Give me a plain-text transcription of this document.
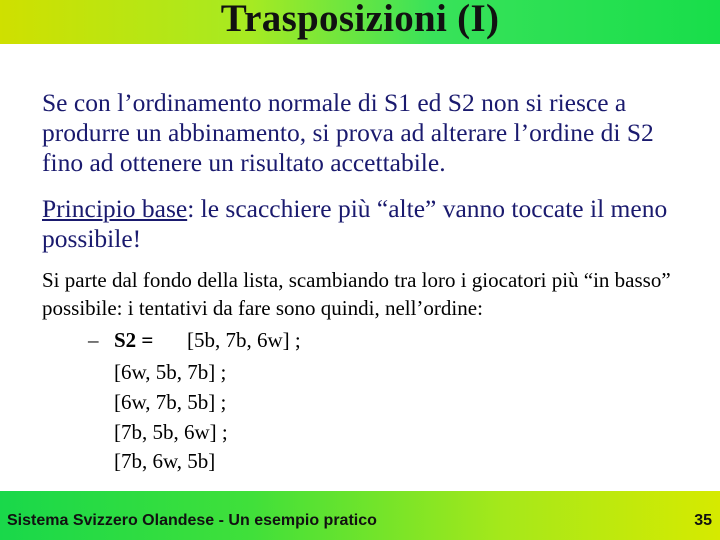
Trasposizioni (I)
Se con l’ordinamento normale di S1 ed S2 non si riesce a produrre un abbinamento, si prova ad alterare l’ordine di S2 fino ad ottenere un risultato accettabile.
Principio base: le scacchiere più “alte” vanno toccate il meno possibile!
Si parte dal fondo della lista, scambiando tra loro i giocatori più “in basso” possibile: i tentativi da fare sono quindi, nell’ordine:
– S2 = [5b, 7b, 6w] ;
[6w, 5b, 7b] ;
[6w, 7b, 5b] ;
[7b, 5b, 6w] ;
[7b, 6w, 5b]
Sistema Svizzero Olandese - Un esempio pratico	35
